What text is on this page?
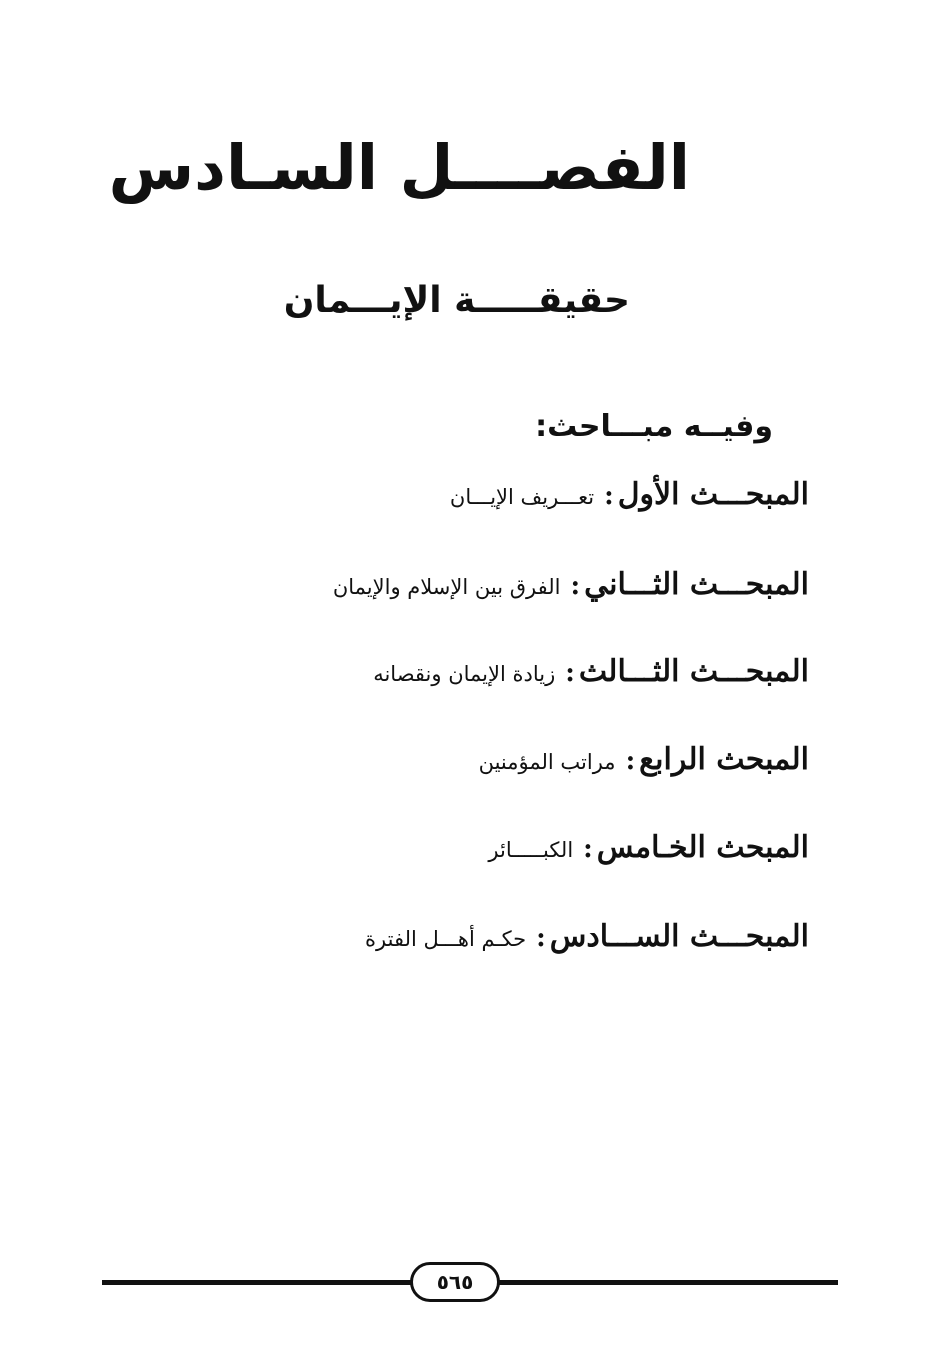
الفصــــل السـادس
حقيقـــــة الإيـــمان
وفيــه مبـــاحث:
المبحـــث الأول:تعـــريف الإيـــان
المبحـــث الثـــاني:الفرق بين الإسلام والإيمان
المبحـــث الثـــالث:زيادة الإيمان ونقصانه
المبحث الرابع:مراتب المؤمنين
المبحث الخـامس:الكبـــــائر
المبحـــث الســـادس:حكـم أهـــل الفترة
٥٦٥
